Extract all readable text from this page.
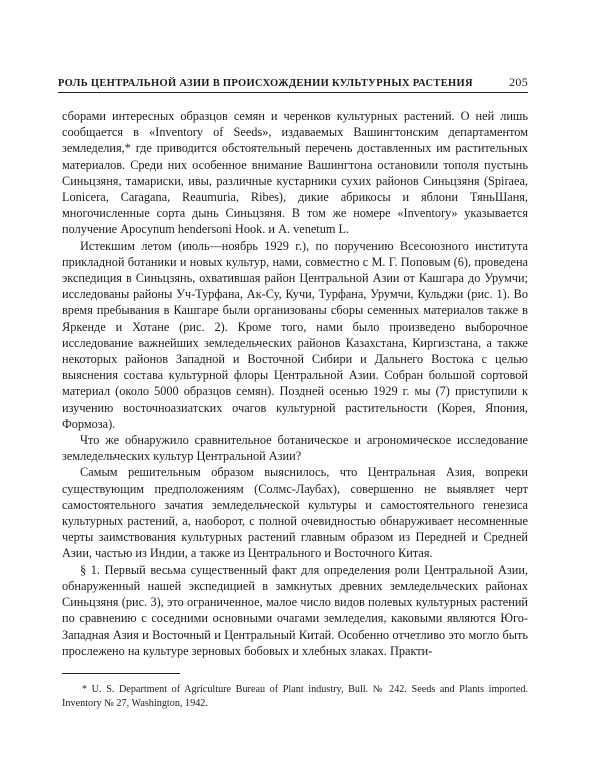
РОЛЬ ЦЕНТРАЛЬНОЙ АЗИИ В ПРОИСХОЖДЕНИИ КУЛЬТУРНЫХ РАСТЕНИЯ	205

сборами интересных образцов семян и черенков культурных растений. О ней лишь сообщается в «Inventory of Seeds», издаваемых Вашингтонским департаментом земледелия,* где приводится обстоятельный перечень доставленных им растительных материалов. Среди них особенное внимание Вашингтона остановили тополя пустынь Синьцзяня, тамариски, ивы, различные кустарники сухих районов Синьцзяня (Spiraea, Lonicera, Caragana, Reaumuria, Ribes), дикие абрикосы и яблони ТяньШаня, многочисленные сорта дынь Синьцзяня. В том же номере «Inventory» указывается получение Apocynum hendersoni Hook. и A. venetum L.

Истекшим летом (июль—ноябрь 1929 г.), по поручению Всесоюзного института прикладной ботаники и новых культур, нами, совместно с М. Г. Поповым (6), проведена экспедиция в Синьцзянь, охватившая район Центральной Азии от Кашгара до Урумчи; исследованы районы Уч-Турфана, Ак-Су, Кучи, Турфана, Урумчи, Кульджи (рис. 1). Во время пребывания в Кашгаре были организованы сборы семенных материалов также в Яркенде и Хотане (рис. 2). Кроме того, нами было произведено выборочное исследование важнейших земледельческих районов Казахстана, Киргизстана, а также некоторых районов Западной и Восточной Сибири и Дальнего Востока с целью выяснения состава культурной флоры Центральной Азии. Собран большой сортовой материал (около 5000 образцов семян). Поздней осенью 1929 г. мы (7) приступили к изучению восточноазиатских очагов культурной растительности (Корея, Япония, Формоза).

Что же обнаружило сравнительное ботаническое и агрономическое исследование земледельческих культур Центральной Азии?

Самым решительным образом выяснилось, что Центральная Азия, вопреки существующим предположениям (Солмс-Лаубах), совершенно не выявляет черт самостоятельного зачатия земледельческой культуры и самостоятельного генезиса культурных растений, а, наоборот, с полной очевидностью обнаруживает несомненные черты заимствования культурных растений главным образом из Передней и Средней Азии, частью из Индии, а также из Центрального и Восточного Китая.

§ 1. Первый весьма существенный факт для определения роли Центральной Азии, обнаруженный нашей экспедицией в замкнутых древних земледельческих районах Синьцзяня (рис. 3), это ограниченное, малое число видов полевых культурных растений по сравнению с соседними основными очагами земледелия, каковыми являются Юго-Западная Азия и Восточный и Центральный Китай. Особенно отчетливо это могло быть прослежено на культуре зерновых бобовых и хлебных злаках. Практи-

* U. S. Department of Agriculture Bureau of Plant industry, Bull. № 242. Seeds and Plants imported. Inventory № 27, Washington, 1942.
